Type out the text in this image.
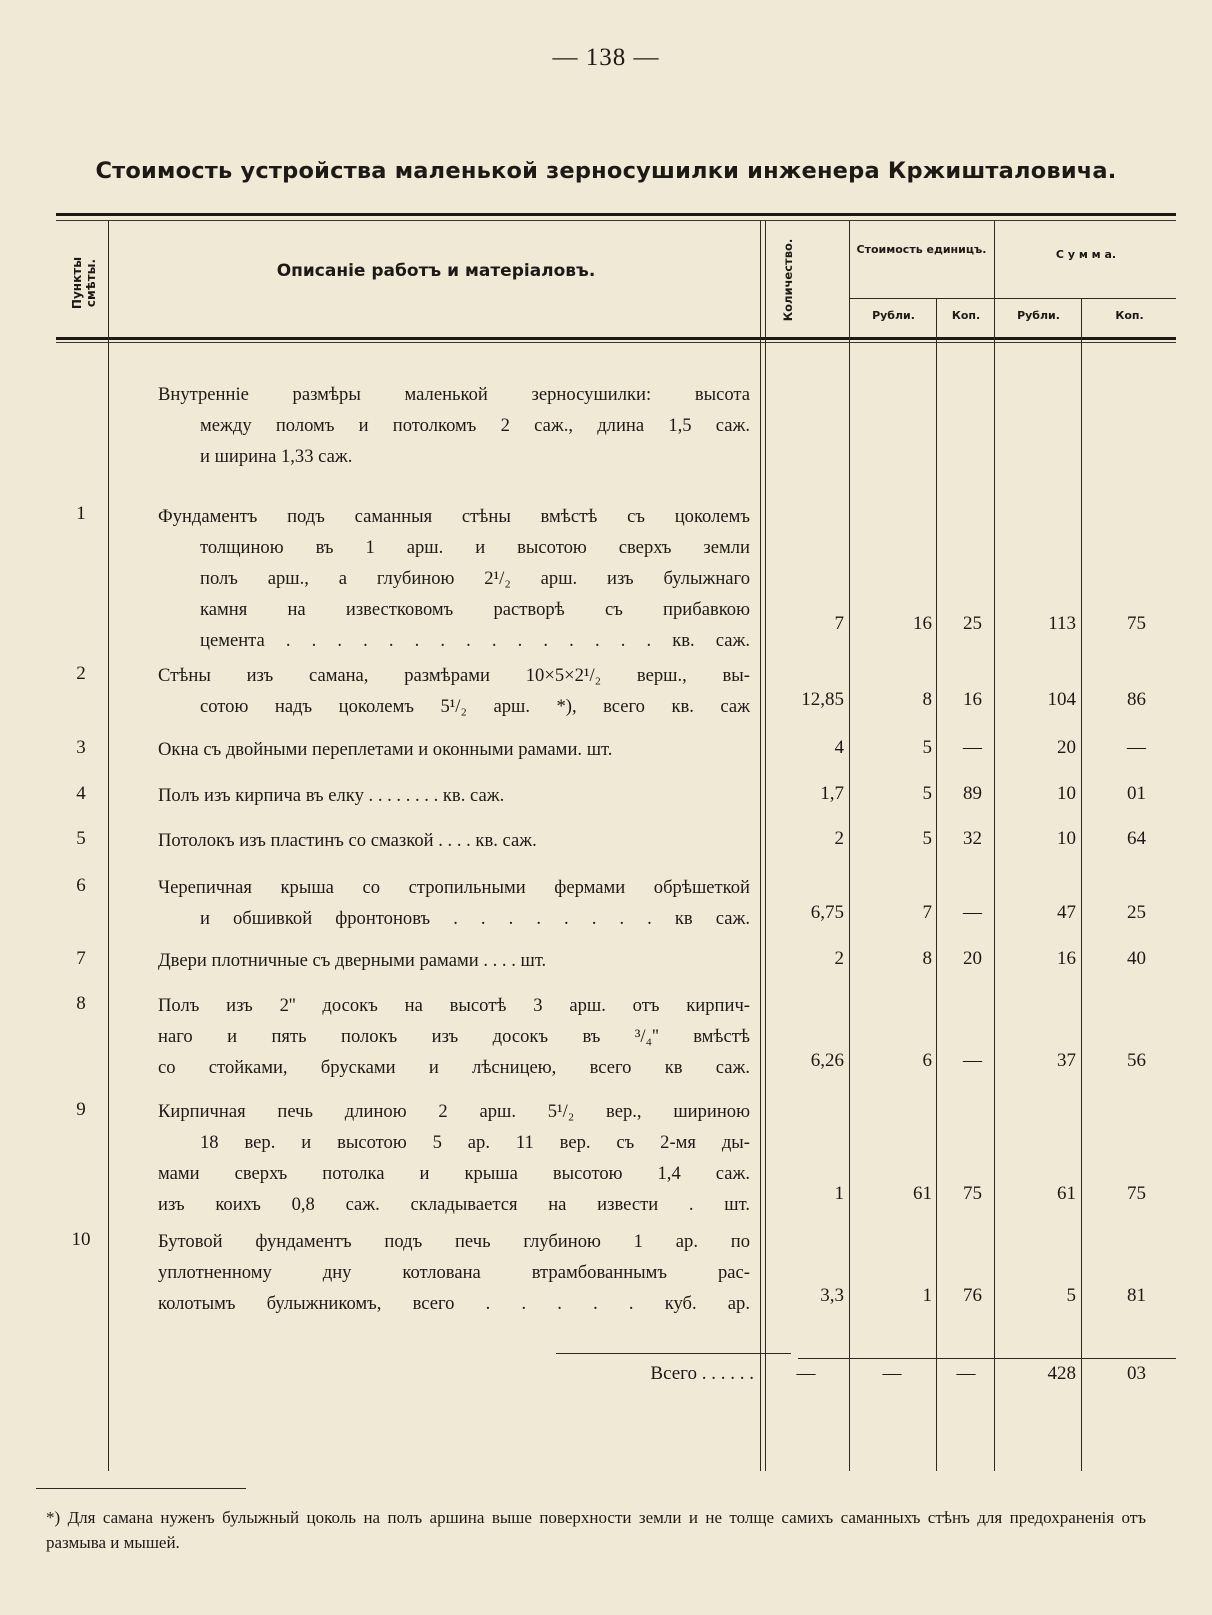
— 138 —
Стоимость устройства маленькой зерносушилки инженера Кржишталовича.
Пункты
смѣты.	Описаніе работъ и матеріаловъ.	Количество.	Стоимость единицъ.	С у м м а.
Рубли.	Коп.	Рубли.	Коп.
Внутренніе размѣры маленькой зерносушилки: высота
между поломъ и потолкомъ 2 саж., длина 1,5 саж.
и ширина 1,33 саж.
1	Фундаментъ подъ саманныя стѣны вмѣстѣ съ цоколемъ
толщиною въ 1 арш. и высотою сверхъ земли
полъ арш., а глубиною 2¹/₂ арш. изъ булыжнаго
камня на известковомъ растворѣ съ прибавкою
цемента . . . . . . . . . . . . . . . кв. саж.
7	16	25	113	75
2	Стѣны изъ самана, размѣрами 10×5×2¹/₂ верш., вы-
сотою надъ цоколемъ 5¹/₂ арш. *), всего кв. саж	12,85	8	16	104	86
3	Окна съ двойными переплетами и оконными рамами. шт.	4	5	—	20	—
4	Полъ изъ кирпича въ елку . . . . . . . . кв. саж.	1,7	5	89	10	01
5	Потолокъ изъ пластинъ со смазкой . . . . кв. саж.	2	5	32	10	64
6	Черепичная крыша со стропильными фермами обрѣшеткой
и обшивкой фронтоновъ . . . . . . . . кв саж.	6,75	7	—	47	25
7	Двери плотничные съ дверными рамами . . . . шт.	2	8	20	16	40
8	Полъ изъ 2'' досокъ на высотѣ 3 арш. отъ кирпич-
наго и пять полокъ изъ досокъ въ ³/₄'' вмѣстѣ
со стойками, брусками и лѣсницею, всего кв саж.	6,26	6	—	37	56
9	Кирпичная печь длиною 2 арш. 5¹/₂ вер., шириною
18 вер. и высотою 5 ар. 11 вер. съ 2-мя ды-
мами сверхъ потолка и крыша высотою 1,4 саж.
изъ коихъ 0,8 саж. складывается на извести . шт.
1	61	75	61	75
10	Бутовой фундаментъ подъ печь глубиною 1 ар. по
уплотненному дну котлована втрамбованнымъ рас-
колотымъ булыжникомъ, всего . . . . . куб. ар.	3,3	1	76	5	81
Всего . . . . . .	—	—	—	428	03
*) Для самана нуженъ булыжный цоколь на полъ аршина выше поверхности земли и не толще самихъ саманныхъ стѣнъ для предохраненія отъ размыва и мышей.
